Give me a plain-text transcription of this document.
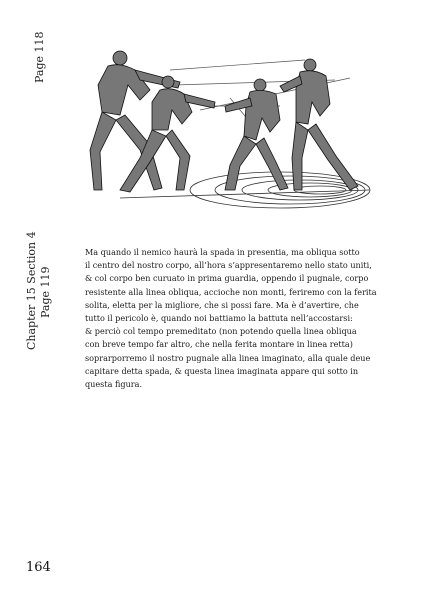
Page 118
Chapter 15 Section 4 Page 119

Ma quando il nemico haurà la spada in presentia, ma obliqua sotto

il centro del nostro corpo, all’hora s’appresentaremo nello stato uniti,

& col corpo ben curuato in prima guardia, oppendo il pugnale, corpo

resistente alla linea obliqua, accioche non monti, feriremo con la ferita

solita, eletta per la migliore, che si possi fare. Ma è d’avertire, che

tutto il pericolo è, quando noi battiamo la battuta nell’accostarsi:

& perciò col tempo premeditato (non potendo quella linea obliqua

con breve tempo far altro, che nella ferita montare in linea retta)

soprarporremo il nostro pugnale alla linea imaginato, alla quale deue

capitare detta spada, & questa linea imaginata appare qui sotto in

questa figura.

164
